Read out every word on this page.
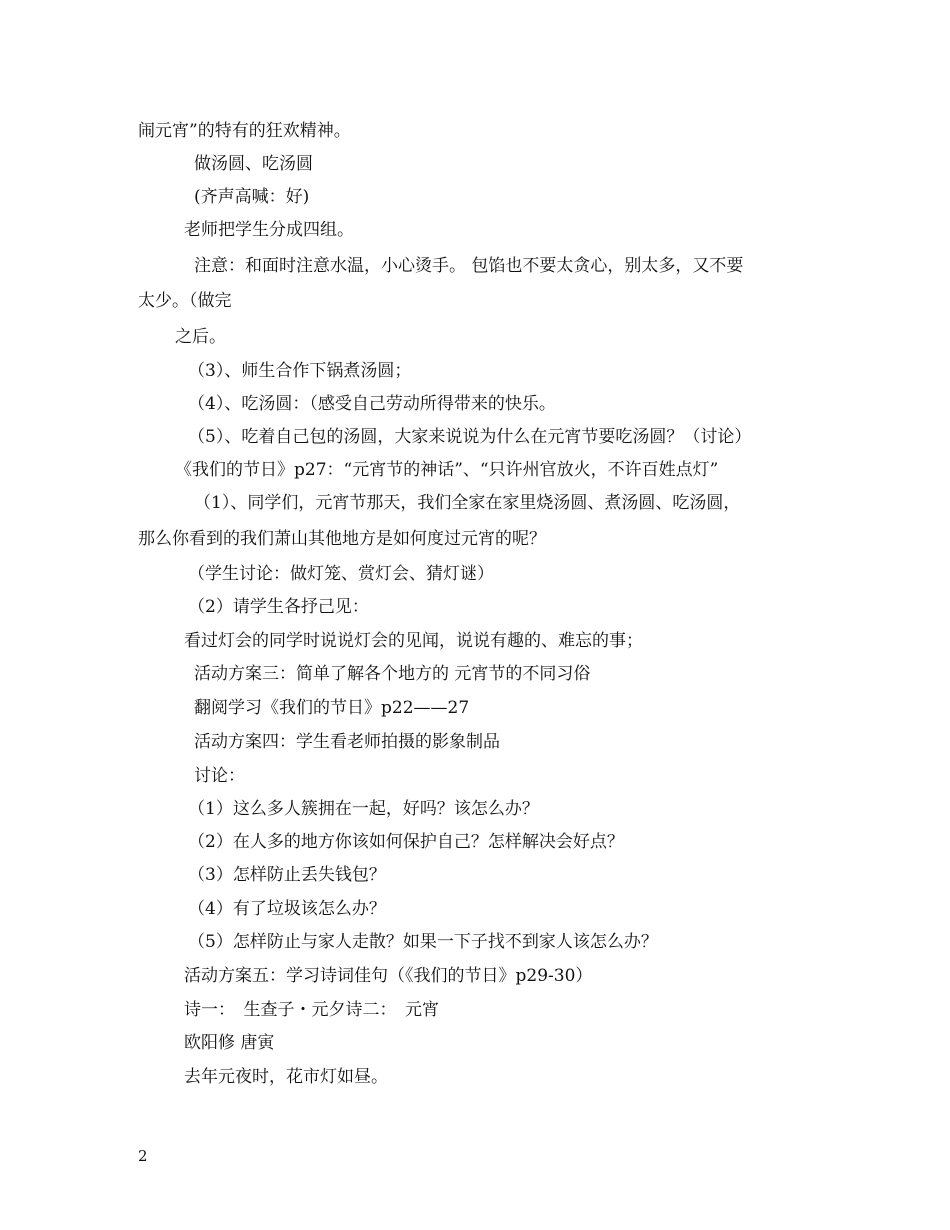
闹元宵”的特有的狂欢精神。
做汤圆、吃汤圆
(齐声高喊：好)
老师把学生分成四组。
注意：和面时注意水温，小心烫手。 包馅也不要太贪心，别太多，又不要
太少。（做完
之后。
（3）、师生合作下锅煮汤圆；
（4）、吃汤圆：（感受自己劳动所得带来的快乐。
（5）、吃着自己包的汤圆，大家来说说为什么在元宵节要吃汤圆？（讨论）
《我们的节日》p27：“元宵节的神话”、“只许州官放火，不许百姓点灯”
（1）、同学们，元宵节那天，我们全家在家里烧汤圆、煮汤圆、吃汤圆，
那么你看到的我们萧山其他地方是如何度过元宵的呢？
（学生讨论：做灯笼、赏灯会、猜灯谜）
（2）请学生各抒己见：
看过灯会的同学时说说灯会的见闻，说说有趣的、难忘的事；
活动方案三：简单了解各个地方的 元宵节的不同习俗
翻阅学习《我们的节日》p22——27
活动方案四：学生看老师拍摄的影象制品
讨论：
（1）这么多人簇拥在一起，好吗？该怎么办？
（2）在人多的地方你该如何保护自己？怎样解决会好点？
（3）怎样防止丢失钱包？
（4）有了垃圾该怎么办？
（5）怎样防止与家人走散？如果一下子找不到家人该怎么办？
活动方案五：学习诗词佳句（《我们的节日》p29-30）
诗一：　生查子・元夕诗二：　元宵
欧阳修 唐寅
去年元夜时，花市灯如昼。
2
